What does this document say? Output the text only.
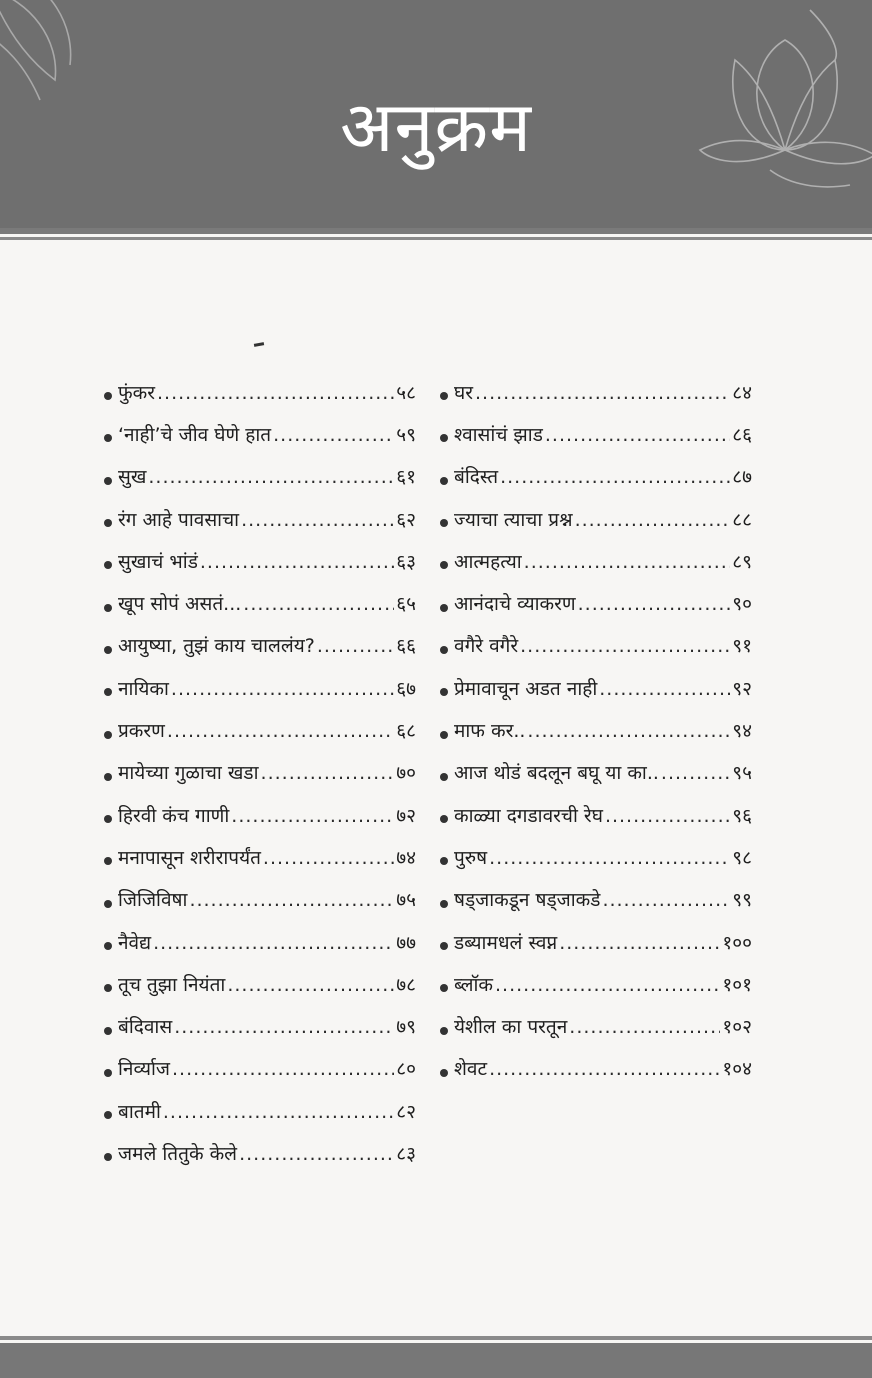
अनुक्रम
फुंकर .....	५८
‘नाही’चे जीव घेणे हात .....	५९
सुख .....	६१
रंग आहे पावसाचा .....	६२
सुखाचं भांडं .....	६३
खूप सोपं असतं... .....	६५
आयुष्या, तुझं काय चाललंय? .....	६६
नायिका .....	६७
प्रकरण .....	६८
मायेच्या गुळाचा खडा .....	७०
हिरवी कंच गाणी .....	७२
मनापासून शरीरापर्यंत .....	७४
जिजिविषा .....	७५
नैवेद्य .....	७७
तूच तुझा नियंता .....	७८
बंदिवास .....	७९
निर्व्याज .....	८०
बातमी .....	८२
जमले तितुके केले .....	८३
घर .....	८४
श्वासांचं झाड .....	८६
बंदिस्त .....	८७
ज्याचा त्याचा प्रश्न .....	८८
आत्महत्या .....	८९
आनंदाचे व्याकरण .....	९०
वगैरे वगैरे .....	९१
प्रेमावाचून अडत नाही .....	९२
माफ कर.. .....	९४
आज थोडं बदलून बघू या का.. .....	९५
काळ्या दगडावरची रेघ .....	९६
पुरुष .....	९८
षड्जाकडून षड्जाकडे .....	९९
डब्यामधलं स्वप्न .....	१००
ब्लॉक .....	१०१
येशील का परतून .....	१०२
शेवट .....	१०४
